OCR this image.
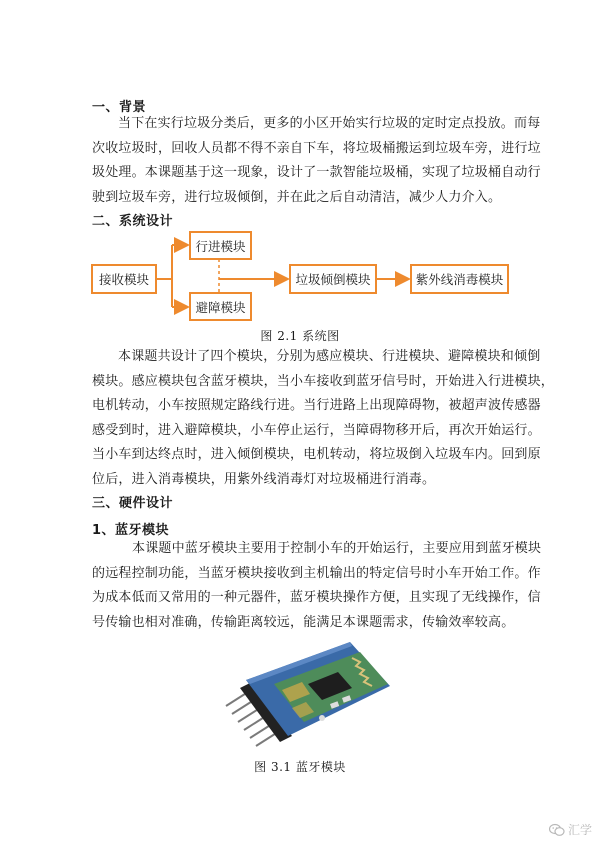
一、背景
当下在实行垃圾分类后，更多的小区开始实行垃圾的定时定点投放。而每
次收垃圾时，回收人员都不得不亲自下车，将垃圾桶搬运到垃圾车旁，进行垃
圾处理。本课题基于这一现象，设计了一款智能垃圾桶，实现了垃圾桶自动行
驶到垃圾车旁，进行垃圾倾倒，并在此之后自动清洁，减少人力介入。
二、系统设计
接收模块
行进模块
避障模块
垃圾倾倒模块	紫外线消毒模块
图 2.1 系统图
本课题共设计了四个模块，分别为感应模块、行进模块、避障模块和倾倒
模块。感应模块包含蓝牙模块，当小车接收到蓝牙信号时，开始进入行进模块，
电机转动，小车按照规定路线行进。当行进路上出现障碍物，被超声波传感器
感受到时，进入避障模块，小车停止运行，当障碍物移开后，再次开始运行。
当小车到达终点时，进入倾倒模块，电机转动，将垃圾倒入垃圾车内。回到原
位后，进入消毒模块，用紫外线消毒灯对垃圾桶进行消毒。
三、硬件设计
1、蓝牙模块
本课题中蓝牙模块主要用于控制小车的开始运行，主要应用到蓝牙模块
的远程控制功能，当蓝牙模块接收到主机输出的特定信号时小车开始工作。作
为成本低而又常用的一种元器件，蓝牙模块操作方便，且实现了无线操作，信
号传输也相对准确，传输距离较远，能满足本课题需求，传输效率较高。
图 3.1 蓝牙模块
汇学
